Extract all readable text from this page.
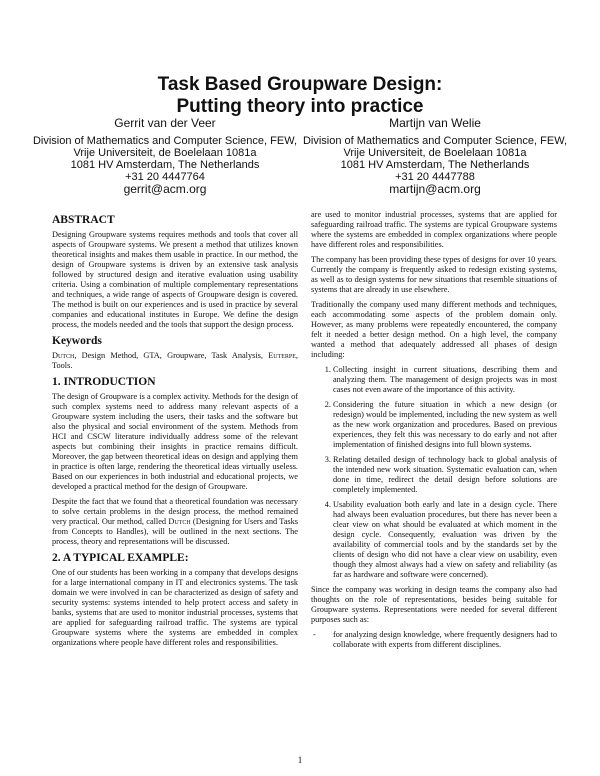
Task Based Groupware Design:
Putting theory into practice
Gerrit van der Veer
Division of Mathematics and Computer Science, FEW,
Vrije Universiteit, de Boelelaan 1081a
1081 HV Amsterdam, The Netherlands
+31 20 4447764
gerrit@acm.org
Martijn van Welie
Division of Mathematics and Computer Science, FEW,
Vrije Universiteit, de Boelelaan 1081a
1081 HV Amsterdam, The Netherlands
+31 20 4447788
martijn@acm.org
ABSTRACT

Designing Groupware systems requires methods and tools that cover all aspects of Groupware systems. We present a method that utilizes known theoretical insights and makes them usable in practice. In our method, the design of Groupware systems is driven by an extensive task analysis followed by structured design and iterative evaluation using usability criteria. Using a combination of multiple complementary representations and techniques, a wide range of aspects of Groupware design is covered. The method is built on our experiences and is used in practice by several companies and educational institutes in Europe. We define the design process, the models needed and the tools that support the design process.

Keywords

Dutch, Design Method, GTA, Groupware, Task Analysis, Euterpe, Tools.

1. INTRODUCTION

The design of Groupware is a complex activity. Methods for the design of such complex systems need to address many relevant aspects of a Groupware system including the users, their tasks and the software but also the physical and social environment of the system. Methods from HCI and CSCW literature individually address some of the relevant aspects but combining their insights in practice remains difficult. Moreover, the gap between theoretical ideas on design and applying them in practice is often large, rendering the theoretical ideas virtually useless. Based on our experiences in both industrial and educational projects, we developed a practical method for the design of Groupware.

Despite the fact that we found that a theoretical foundation was necessary to solve certain problems in the design process, the method remained very practical. Our method, called Dutch (Designing for Users and Tasks from Concepts to Handles), will be outlined in the next sections. The process, theory and representations will be discussed.

2. A TYPICAL EXAMPLE:

One of our students has been working in a company that develops designs for a large international company in IT and electronics systems. The task domain we were involved in can be characterized as design of safety and security systems: systems intended to help protect access and safety in banks, systems that are used to monitor industrial processes, systems that are applied for safeguarding railroad traffic. The systems are typical Groupware systems where the systems are embedded in complex organizations where people have different roles and responsibilities.

are used to monitor industrial processes, systems that are applied for safeguarding railroad traffic. The systems are typical Groupware systems where the systems are embedded in complex organizations where people have different roles and responsibilities.

The company has been providing these types of designs for over 10 years. Currently the company is frequently asked to redesign existing systems, as well as to design systems for new situations that resemble situations of systems that are already in use elsewhere.

Traditionally the company used many different methods and techniques, each accommodating some aspects of the problem domain only. However, as many problems were repeatedly encountered, the company felt it needed a better design method. On a high level, the company wanted a method that adequately addressed all phases of design including:

1. Collecting insight in current situations, describing them and analyzing them. The management of design projects was in most cases not even aware of the importance of this activity.
2. Considering the future situation in which a new design (or redesign) would be implemented, including the new system as well as the new work organization and procedures. Based on previous experiences, they felt this was necessary to do early and not after implementation of finished designs into full blown systems.
3. Relating detailed design of technology back to global analysis of the intended new work situation. Systematic evaluation can, when done in time, redirect the detail design before solutions are completely implemented.
4. Usability evaluation both early and late in a design cycle. There had always been evaluation procedures, but there has never been a clear view on what should be evaluated at which moment in the design cycle. Consequently, evaluation was driven by the availability of commercial tools and by the standards set by the clients of design who did not have a clear view on usability, even though they almost always had a view on safety and reliability (as far as hardware and software were concerned).

Since the company was working in design teams the company also had thoughts on the role of representations, besides being suitable for Groupware systems. Representations were needed for several different purposes such as:

- for analyzing design knowledge, where frequently designers had to collaborate with experts from different disciplines.
1
